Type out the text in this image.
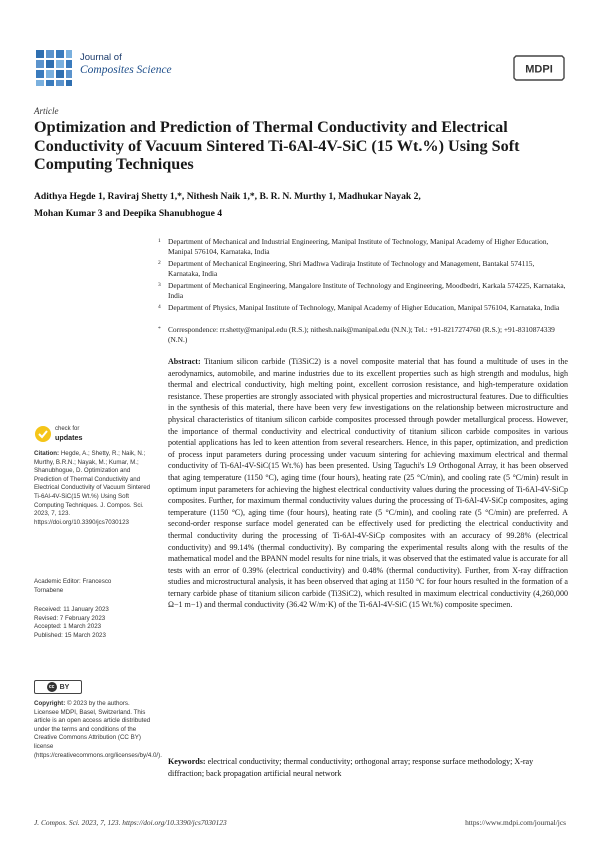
Journal of
Composites Science	MDPI
Article
Optimization and Prediction of Thermal Conductivity and Electrical Conductivity of Vacuum Sintered Ti-6Al-4V-SiC (15 Wt.%) Using Soft Computing Techniques
Adithya Hegde 1, Raviraj Shetty 1,*, Nithesh Naik 1,*, B. R. N. Murthy 1, Madhukar Nayak 2,
Mohan Kumar 3 and Deepika Shanubhogue 4
1 Department of Mechanical and Industrial Engineering, Manipal Institute of Technology, Manipal Academy of Higher Education, Manipal 576104, Karnataka, India
2 Department of Mechanical Engineering, Shri Madhwa Vadiraja Institute of Technology and Management, Bantakal 574115, Karnataka, India
3 Department of Mechanical Engineering, Mangalore Institute of Technology and Engineering, Moodbedri, Karkala 574225, Karnataka, India
4 Department of Physics, Manipal Institute of Technology, Manipal Academy of Higher Education, Manipal 576104, Karnataka, India
* Correspondence: rr.shetty@manipal.edu (R.S.); nithesh.naik@manipal.edu (N.N.); Tel.: +91-8217274760 (R.S.); +91-8310874339 (N.N.)
Abstract: Titanium silicon carbide (Ti3SiC2) is a novel composite material that has found a multitude of uses in the aerodynamics, automobile, and marine industries due to its excellent properties such as high strength and modulus, high thermal and electrical conductivity, high melting point, excellent corrosion resistance, and high-temperature oxidation resistance. These properties are strongly associated with physical properties and microstructural features. Due to difficulties in the synthesis of this material, there have been very few investigations on the relationship between microstructure and physical characteristics of titanium silicon carbide composites processed through powder metallurgical process. However, the importance of thermal conductivity and electrical conductivity of titanium silicon carbide composites in various potential applications has led to keen attention from several researchers. Hence, in this paper, optimization, and prediction of process input parameters during processing under vacuum sintering for achieving maximum electrical and thermal conductivity of Ti-6Al-4V-SiC(15 Wt.%) has been presented. Using Taguchi's L9 Orthogonal Array, it has been observed that aging temperature (1150 °C), aging time (four hours), heating rate (25 °C/min), and cooling rate (5 °C/min) result in optimum input parameters for achieving the highest electrical conductivity values during the processing of Ti-6Al-4V-SiCp composites. Further, for maximum thermal conductivity values during the processing of Ti-6Al-4V-SiCp composites, aging temperature (1150 °C), aging time (four hours), heating rate (5 °C/min), and cooling rate (5 °C/min) are preferred. A second-order response surface model generated can be effectively used for predicting the electrical conductivity and thermal conductivity during the processing of Ti-6Al-4V-SiCp composites with an accuracy of 99.28% (electrical conductivity) and 99.14% (thermal conductivity). By comparing the experimental results along with the results of the mathematical model and the BPANN model results for nine trials, it was observed that the estimated value is accurate for all tests with an error of 0.39% (electrical conductivity) and 0.48% (thermal conductivity). Further, from X-ray diffraction studies and microstructural analysis, it has been observed that aging at 1150 °C for four hours resulted in the formation of a ternary carbide phase of titanium silicon carbide (Ti3SiC2), which resulted in maximum electrical conductivity (4,260,000 Ω−1 m−1) and thermal conductivity (36.42 W/m·K) of the Ti-6Al-4V-SiC (15 Wt.%) composite specimen.
Keywords: electrical conductivity; thermal conductivity; orthogonal array; response surface methodology; X-ray diffraction; back propagation artificial neural network
check for
updates
Citation: Hegde, A.; Shetty, R.; Naik, N.; Murthy, B.R.N.; Nayak, M.; Kumar, M.; Shanubhogue, D. Optimization and Prediction of Thermal Conductivity and Electrical Conductivity of Vacuum Sintered Ti-6Al-4V-SiC(15 Wt.%) Using Soft Computing Techniques. J. Compos. Sci. 2023, 7, 123. https://doi.org/10.3390/jcs7030123
Academic Editor: Francesco
Tornabene
Received: 11 January 2023
Revised: 7 February 2023
Accepted: 1 March 2023
Published: 15 March 2023
cc BY
Copyright: © 2023 by the authors. Licensee MDPI, Basel, Switzerland. This article is an open access article distributed under the terms and conditions of the Creative Commons Attribution (CC BY) license (https://creativecommons.org/licenses/by/4.0/).
J. Compos. Sci. 2023, 7, 123. https://doi.org/10.3390/jcs7030123	https://www.mdpi.com/journal/jcs
